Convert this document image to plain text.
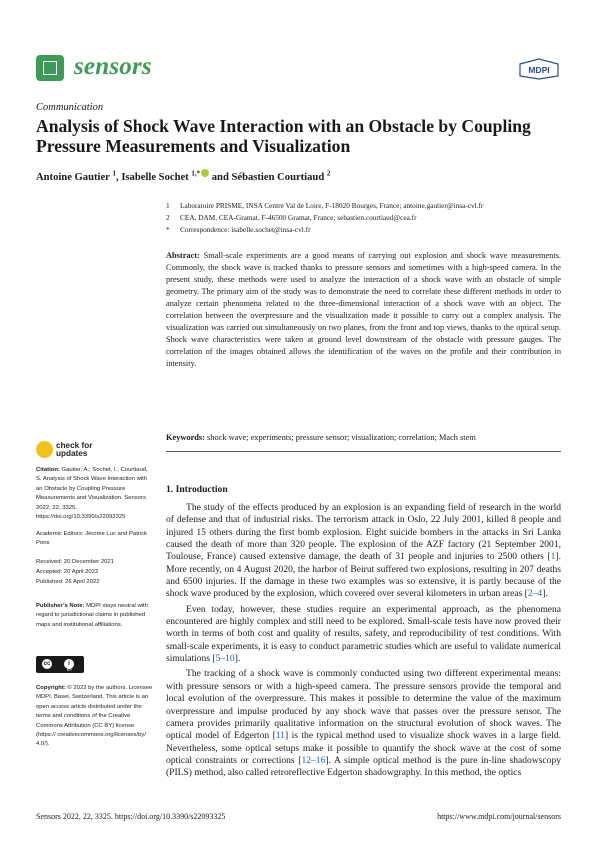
sensors	MDPI
Communication
Analysis of Shock Wave Interaction with an Obstacle by Coupling Pressure Measurements and Visualization
Antoine Gautier $^1$, Isabelle Sochet $^{1,*}$ and Sébastien Courtiaud $^2$
1	Laboratoire PRISME, INSA Centre Val de Loire, F-18020 Bourges, France; antoine.gautier@insa-cvl.fr
2	CEA, DAM, CEA-Gramat, F-46500 Gramat, France; sebastien.courtiaud@cea.fr
*	Correspondence: isabelle.sochet@insa-cvl.fr
Abstract: Small-scale experiments are a good means of carrying out explosion and shock wave measurements. Commonly, the shock wave is tracked thanks to pressure sensors and sometimes with a high-speed camera. In the present study, these methods were used to analyze the interaction of a shock wave with an obstacle of simple geometry. The primary aim of the study was to demonstrate the need to correlate these different methods in order to analyze certain phenomena related to the three-dimensional interaction of a shock wave with an object. The correlation between the overpressure and the visualization made it possible to carry out a complex analysis. The visualization was carried out simultaneously on two planes, from the front and top views, thanks to the optical setup. Shock wave characteristics were taken at ground level downstream of the obstacle with pressure gauges. The correlation of the images obtained allows the identification of the waves on the profile and their contribution in intensity.
Keywords: shock wave; experiments; pressure sensor; visualization; correlation; Mach stem
check for
updates
Citation: Gautier, A.; Sochet, I.; Courtiaud, S. Analysis of Shock Wave Interaction with an Obstacle by Coupling Pressure Measurements and Visualization. Sensors 2022, 22, 3325. https://doi.org/10.3390/s22093325
Academic Editors: Jérome Luc and Patrick Pons
Received: 20 December 2021
Accepted: 20 April 2022
Published: 26 April 2022
Publisher’s Note: MDPI stays neutral with regard to jurisdictional claims in published maps and institutional affiliations.
cc	i
BY
Copyright: © 2022 by the authors. Licensee MDPI, Basel, Switzerland. This article is an open access article distributed under the terms and conditions of the Creative Commons Attribution (CC BY) license (https:// creativecommons.org/licenses/by/ 4.0/).
1. Introduction

The study of the effects produced by an explosion is an expanding field of research in the world of defense and that of industrial risks. The terrorism attack in Oslo, 22 July 2001, killed 8 people and injured 15 others during the first bomb explosion. Eight suicide bombers in the attacks in Sri Lanka caused the death of more than 320 people. The explosion of the AZF factory (21 September 2001, Toulouse, France) caused extensive damage, the death of 31 people and injuries to 2500 others [1]. More recently, on 4 August 2020, the harbor of Beirut suffered two explosions, resulting in 207 deaths and 6500 injuries. If the damage in these two examples was so extensive, it is partly because of the shock wave produced by the explosion, which covered over several kilometers in urban areas [2–4].

Even today, however, these studies require an experimental approach, as the phenomena encountered are highly complex and still need to be explored. Small-scale tests have now proved their worth in terms of both cost and quality of results, safety, and reproducibility of test conditions. With small-scale experiments, it is easy to conduct parametric studies which are useful to validate numerical simulations [5–10].

The tracking of a shock wave is commonly conducted using two different experimental means: with pressure sensors or with a high-speed camera. The pressure sensors provide the temporal and local evolution of the overpressure. This makes it possible to determine the value of the maximum overpressure and impulse produced by any shock wave that passes over the pressure sensor. The camera provides primarily qualitative information on the structural evolution of shock waves. The optical model of Edgerton [11] is the typical method used to visualize shock waves in a large field. Nevertheless, some optical setups make it possible to quantify the shock wave at the cost of some optical constraints or corrections [12–16]. A simple optical method is the pure in-line shadowscopy (PILS) method, also called retroreflective Edgerton shadowgraphy. In this method, the optics

Sensors 2022, 22, 3325. https://doi.org/10.3390/s22093325	https://www.mdpi.com/journal/sensors
